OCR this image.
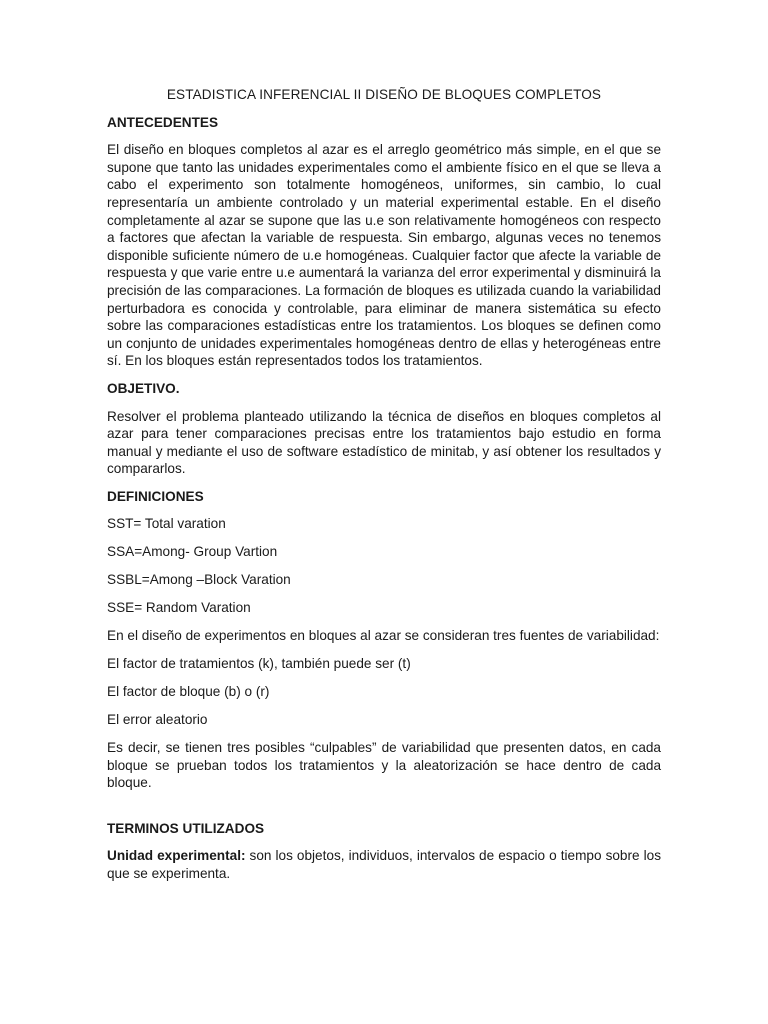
ESTADISTICA INFERENCIAL II DISEÑO DE BLOQUES COMPLETOS
ANTECEDENTES

El diseño en bloques completos al azar es el arreglo geométrico más simple, en el que se supone que tanto las unidades experimentales como el ambiente físico en el que se lleva a cabo el experimento son totalmente homogéneos, uniformes, sin cambio, lo cual representaría un ambiente controlado y un material experimental estable. En el diseño completamente al azar se supone que las u.e son relativamente homogéneos con respecto a factores que afectan la variable de respuesta. Sin embargo, algunas veces no tenemos disponible suficiente número de u.e homogéneas. Cualquier factor que afecte la variable de respuesta y que varie entre u.e aumentará la varianza del error experimental y disminuirá la precisión de las comparaciones. La formación de bloques es utilizada cuando la variabilidad perturbadora es conocida y controlable, para eliminar de manera sistemática su efecto sobre las comparaciones estadísticas entre los tratamientos. Los bloques se definen como un conjunto de unidades experimentales homogéneas dentro de ellas y heterogéneas entre sí. En los bloques están representados todos los tratamientos.

OBJETIVO.

Resolver el problema planteado utilizando la técnica de diseños en bloques completos al azar para tener comparaciones precisas entre los tratamientos bajo estudio en forma manual y mediante el uso de software estadístico de minitab, y así obtener los resultados y compararlos.

DEFINICIONES

SST= Total varation

SSA=Among- Group Vartion

SSBL=Among –Block Varation

SSE= Random Varation

En el diseño de experimentos en bloques al azar se consideran tres fuentes de variabilidad:

El factor de tratamientos (k), también puede ser (t)

El factor de bloque (b) o (r)

El error aleatorio

Es decir, se tienen tres posibles “culpables” de variabilidad que presenten datos, en cada bloque se prueban todos los tratamientos y la aleatorización se hace dentro de cada bloque.

TERMINOS UTILIZADOS

Unidad experimental: son los objetos, individuos, intervalos de espacio o tiempo sobre los que se experimenta.
